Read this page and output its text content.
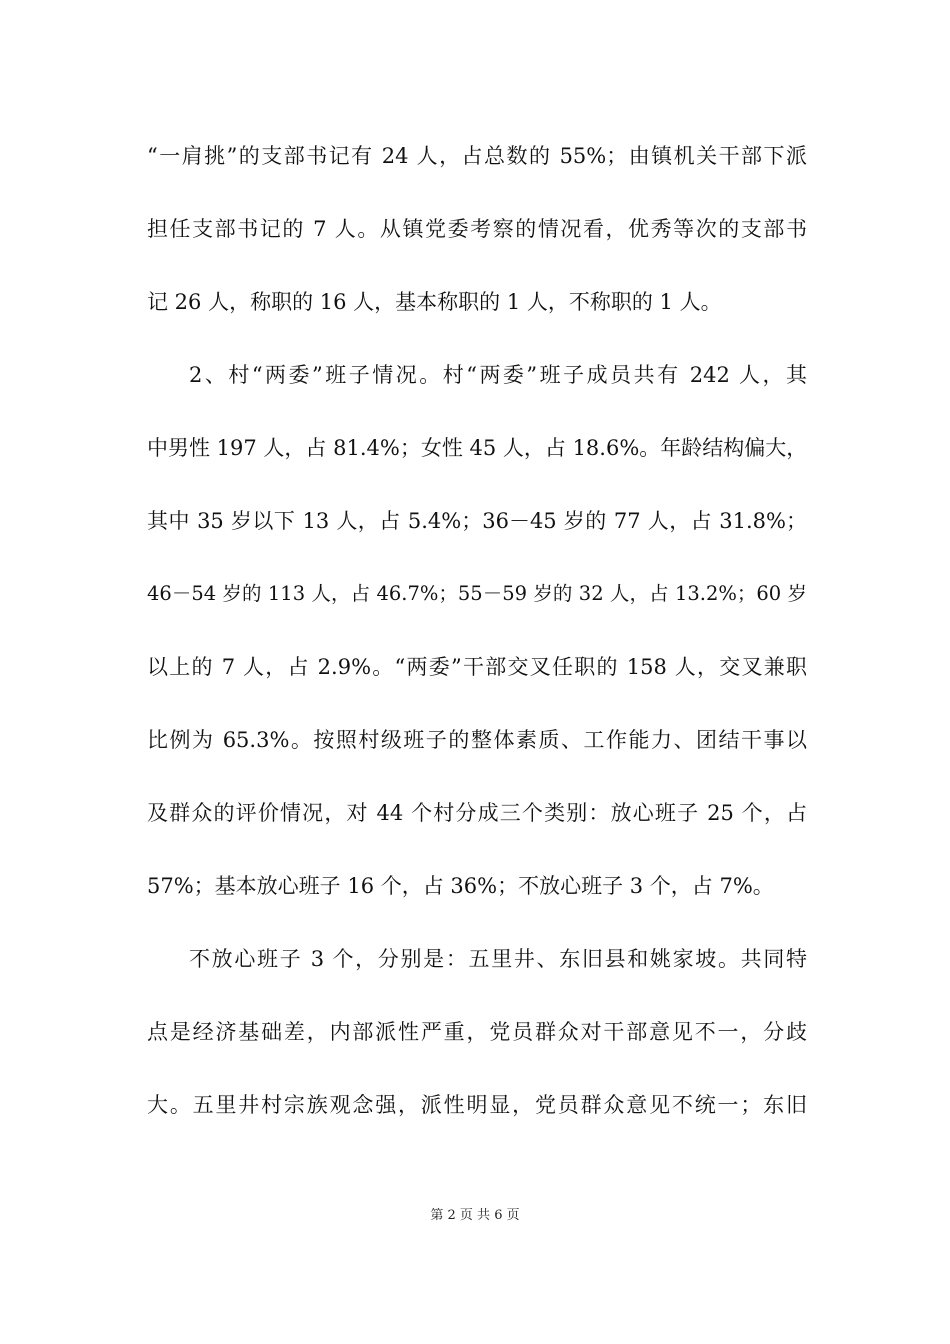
“一肩挑”的支部书记有 24 人，占总数的 55%；由镇机关干部下派
担任支部书记的 7 人。从镇党委考察的情况看，优秀等次的支部书
记 26 人，称职的 16 人，基本称职的 1 人，不称职的 1 人。
2、村“两委”班子情况。村“两委”班子成员共有 242 人，其
中男性 197 人，占 81.4%；女性 45 人，占 18.6%。年龄结构偏大，
其中 35 岁以下 13 人，占 5.4%；36－45 岁的 77 人，占 31.8%；
46－54 岁的 113 人，占 46.7%；55－59 岁的 32 人，占 13.2%；60 岁
以上的 7 人，占 2.9%。“两委”干部交叉任职的 158 人，交叉兼职
比例为 65.3%。按照村级班子的整体素质、工作能力、团结干事以
及群众的评价情况，对 44 个村分成三个类别：放心班子 25 个，占
57%；基本放心班子 16 个，占 36%；不放心班子 3 个，占 7%。
不放心班子 3 个，分别是：五里井、东旧县和姚家坡。共同特
点是经济基础差，内部派性严重，党员群众对干部意见不一，分歧
大。五里井村宗族观念强，派性明显，党员群众意见不统一；东旧
第 2 页 共 6 页
